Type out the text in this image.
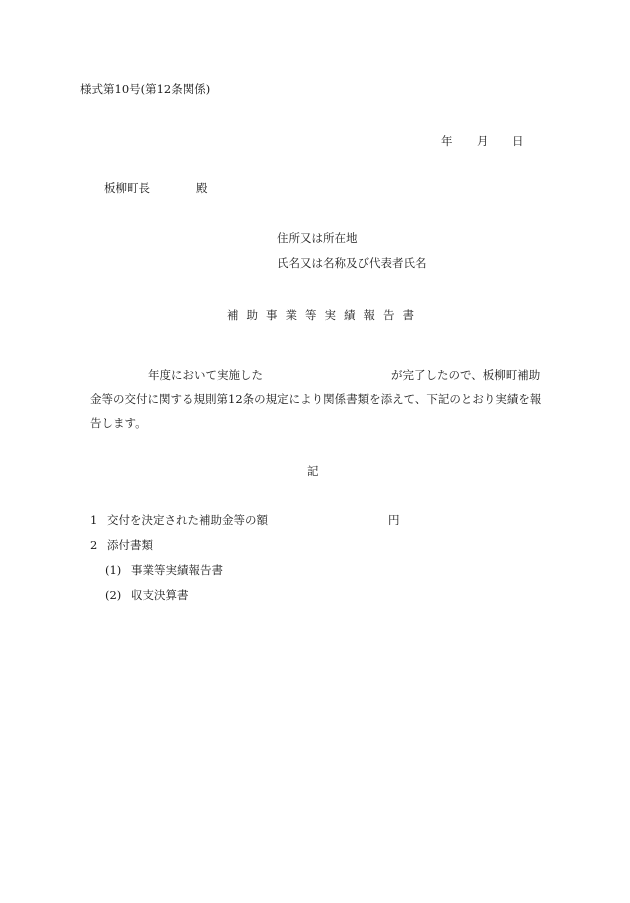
様式第10号(第12条関係)
年 月 日
板柳町長	殿
住所又は所在地
氏名又は名称及び代表者氏名
補助事業等実績報告書
年度において実施した	が完了したので、板柳町補助金等の交付に関する規則第12条の規定により関係書類を添えて、下記のとおり実績を報告します。
記
1 交付を決定された補助金等の額	円
2 添付書類
(1) 事業等実績報告書
(2) 収支決算書
